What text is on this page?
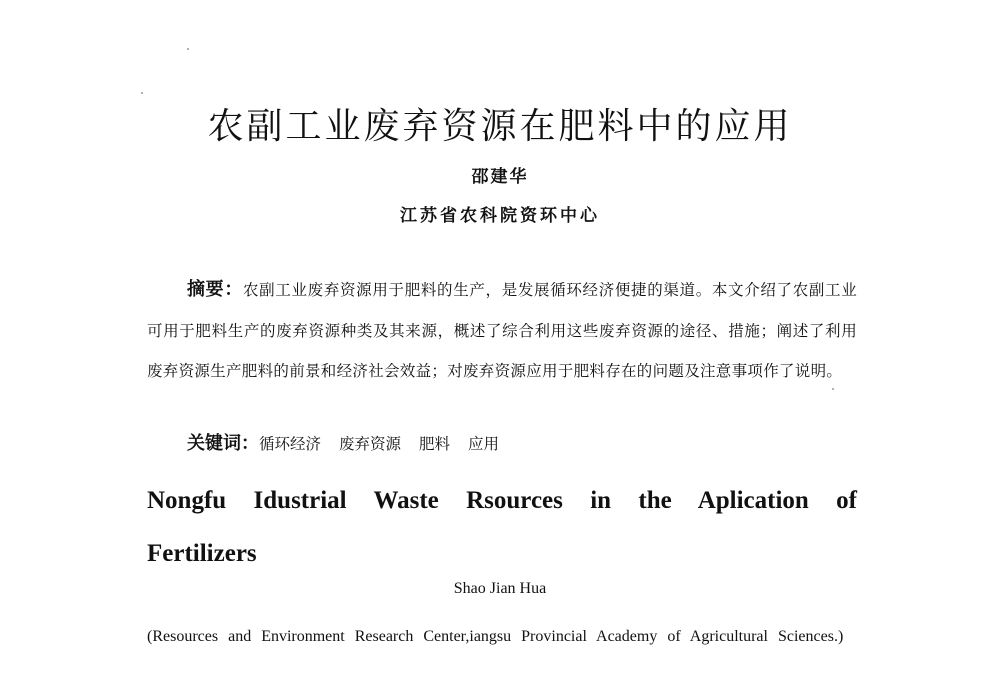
农副工业废弃资源在肥料中的应用
邵建华
江苏省农科院资环中心
摘要：农副工业废弃资源用于肥料的生产，是发展循环经济便捷的渠道。本文介绍了农副工业可用于肥料生产的废弃资源种类及其来源，概述了综合利用这些废弃资源的途径、措施；阐述了利用废弃资源生产肥料的前景和经济社会效益；对废弃资源应用于肥料存在的问题及注意事项作了说明。
关键词：循环经济 废弃资源 肥料 应用
Nongfu Idustrial Waste Rsources in the Aplication of Fertilizers
Shao Jian Hua
(Resources and Environment Research Center,iangsu Provincial Academy of Agricultural Sciences.)
